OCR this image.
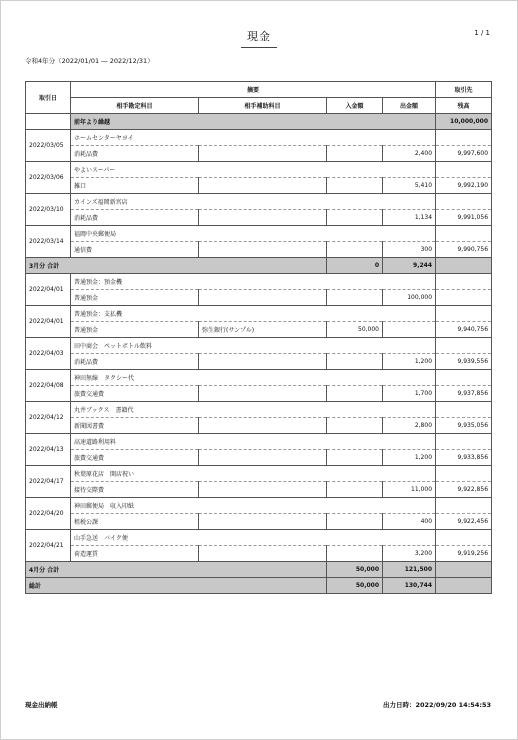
現金	1 / 1
令和4年分（2022/01/01 ― 2022/12/31）
取引日	摘要				取引先
	相手勘定科目	相手補助科目	入金額	出金額	残高
	前年より繰越				10,000,000
2022/03/05	ホームセンターヤヨイ				
	消耗品費			2,400	9,997,600
2022/03/06	やよいスーパー				
	雑口			5,410	9,992,190
2022/03/10	カインズ福岡新宮店				
	消耗品費			1,134	9,991,056
2022/03/14	福岡中央郵便局				
	通信費			300	9,990,756
3月分 合計			0	9,244	
2022/04/01	普通預金：預金機				
	普通預金			100,000	
2022/04/01	普通預金：支払機				
	普通預金	弥生銀行(サンプル)	50,000		9,940,756
2022/04/03	田中商会　ペットボトル飲料				
	消耗品費			1,200	9,939,556
2022/04/08	神田無線　タクシー代				
	旅費交通費			1,700	9,937,856
2022/04/12	丸井ブックス　書籍代				
	新聞図書費			2,800	9,935,056
2022/04/13	高速道路利用料				
	旅費交通費			1,200	9,933,856
2022/04/17	秋葉原花店　開店祝い				
	接待交際費			11,000	9,922,856
2022/04/20	神田郵便局　収入印紙				
	租税公課			400	9,922,456
2022/04/21	山手急送　バイク便				
	荷造運賃			3,200	9,919,256
4月分 合計			50,000	121,500	
総計			50,000	130,744	
現金出納帳	出力日時：2022/09/20 14:54:53
